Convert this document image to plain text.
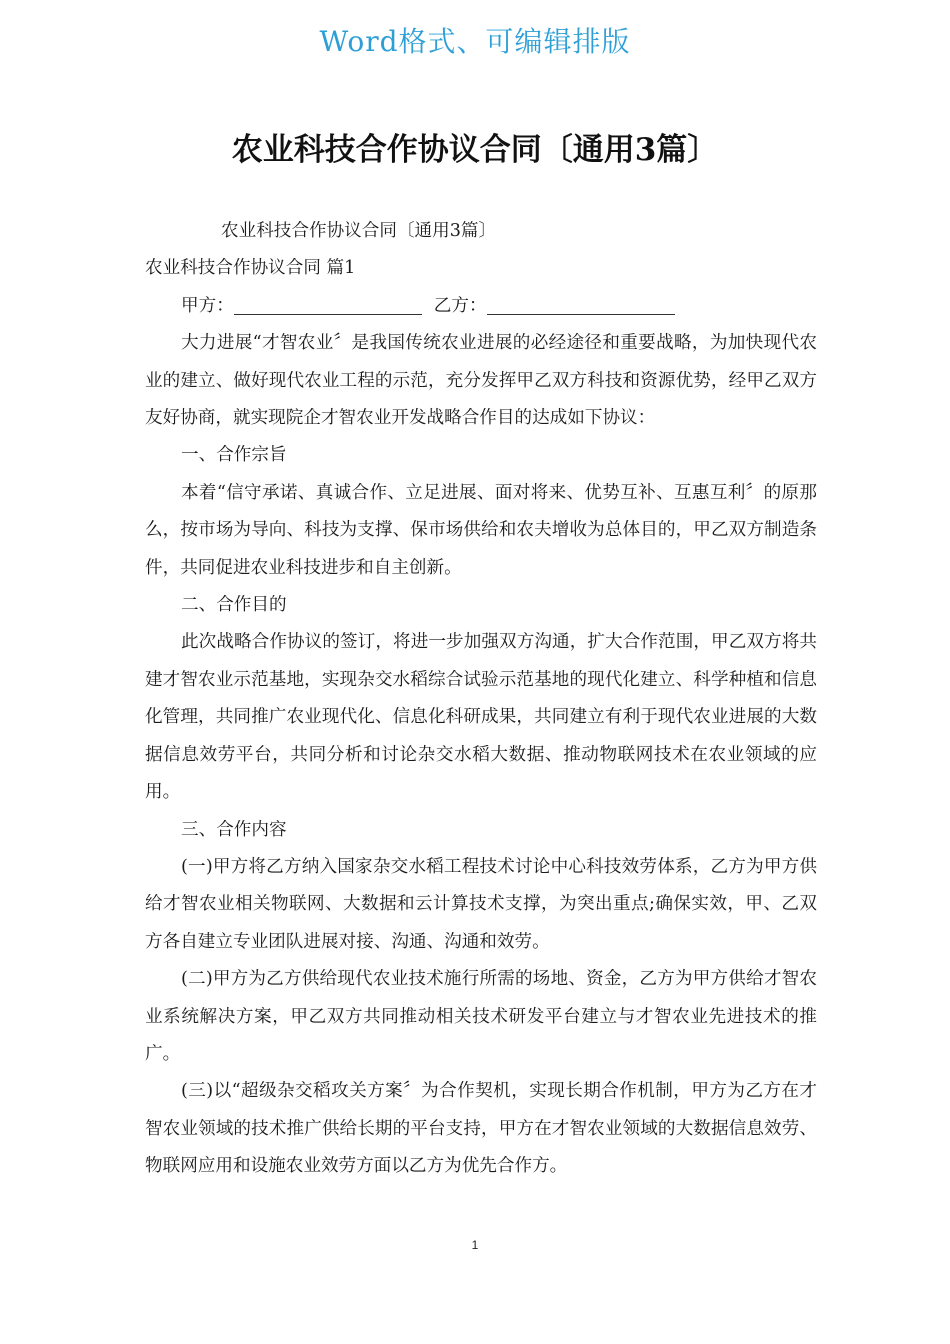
Word格式、可编辑排版
农业科技合作协议合同〔通用3篇〕

农业科技合作协议合同〔通用3篇〕

农业科技合作协议合同 篇1

甲方：	乙方：

大力进展“才智农业〞是我国传统农业进展的必经途径和重要战略，为加快现代农业的建立、做好现代农业工程的示范，充分发挥甲乙双方科技和资源优势，经甲乙双方友好协商，就实现院企才智农业开发战略合作目的达成如下协议：

一、合作宗旨

本着“信守承诺、真诚合作、立足进展、面对将来、优势互补、互惠互利〞的原那么，按市场为导向、科技为支撑、保市场供给和农夫增收为总体目的，甲乙双方制造条件，共同促进农业科技进步和自主创新。

二、合作目的

此次战略合作协议的签订，将进一步加强双方沟通，扩大合作范围，甲乙双方将共建才智农业示范基地，实现杂交水稻综合试验示范基地的现代化建立、科学种植和信息化管理，共同推广农业现代化、信息化科研成果，共同建立有利于现代农业进展的大数据信息效劳平台，共同分析和讨论杂交水稻大数据、推动物联网技术在农业领域的应用。

三、合作内容

(一)甲方将乙方纳入国家杂交水稻工程技术讨论中心科技效劳体系，乙方为甲方供给才智农业相关物联网、大数据和云计算技术支撑，为突出重点;确保实效，甲、乙双方各自建立专业团队进展对接、沟通、沟通和效劳。

(二)甲方为乙方供给现代农业技术施行所需的场地、资金，乙方为甲方供给才智农业系统解决方案，甲乙双方共同推动相关技术研发平台建立与才智农业先进技术的推广。

(三)以“超级杂交稻攻关方案〞为合作契机，实现长期合作机制，甲方为乙方在才智农业领域的技术推广供给长期的平台支持，甲方在才智农业领域的大数据信息效劳、物联网应用和设施农业效劳方面以乙方为优先合作方。

1
